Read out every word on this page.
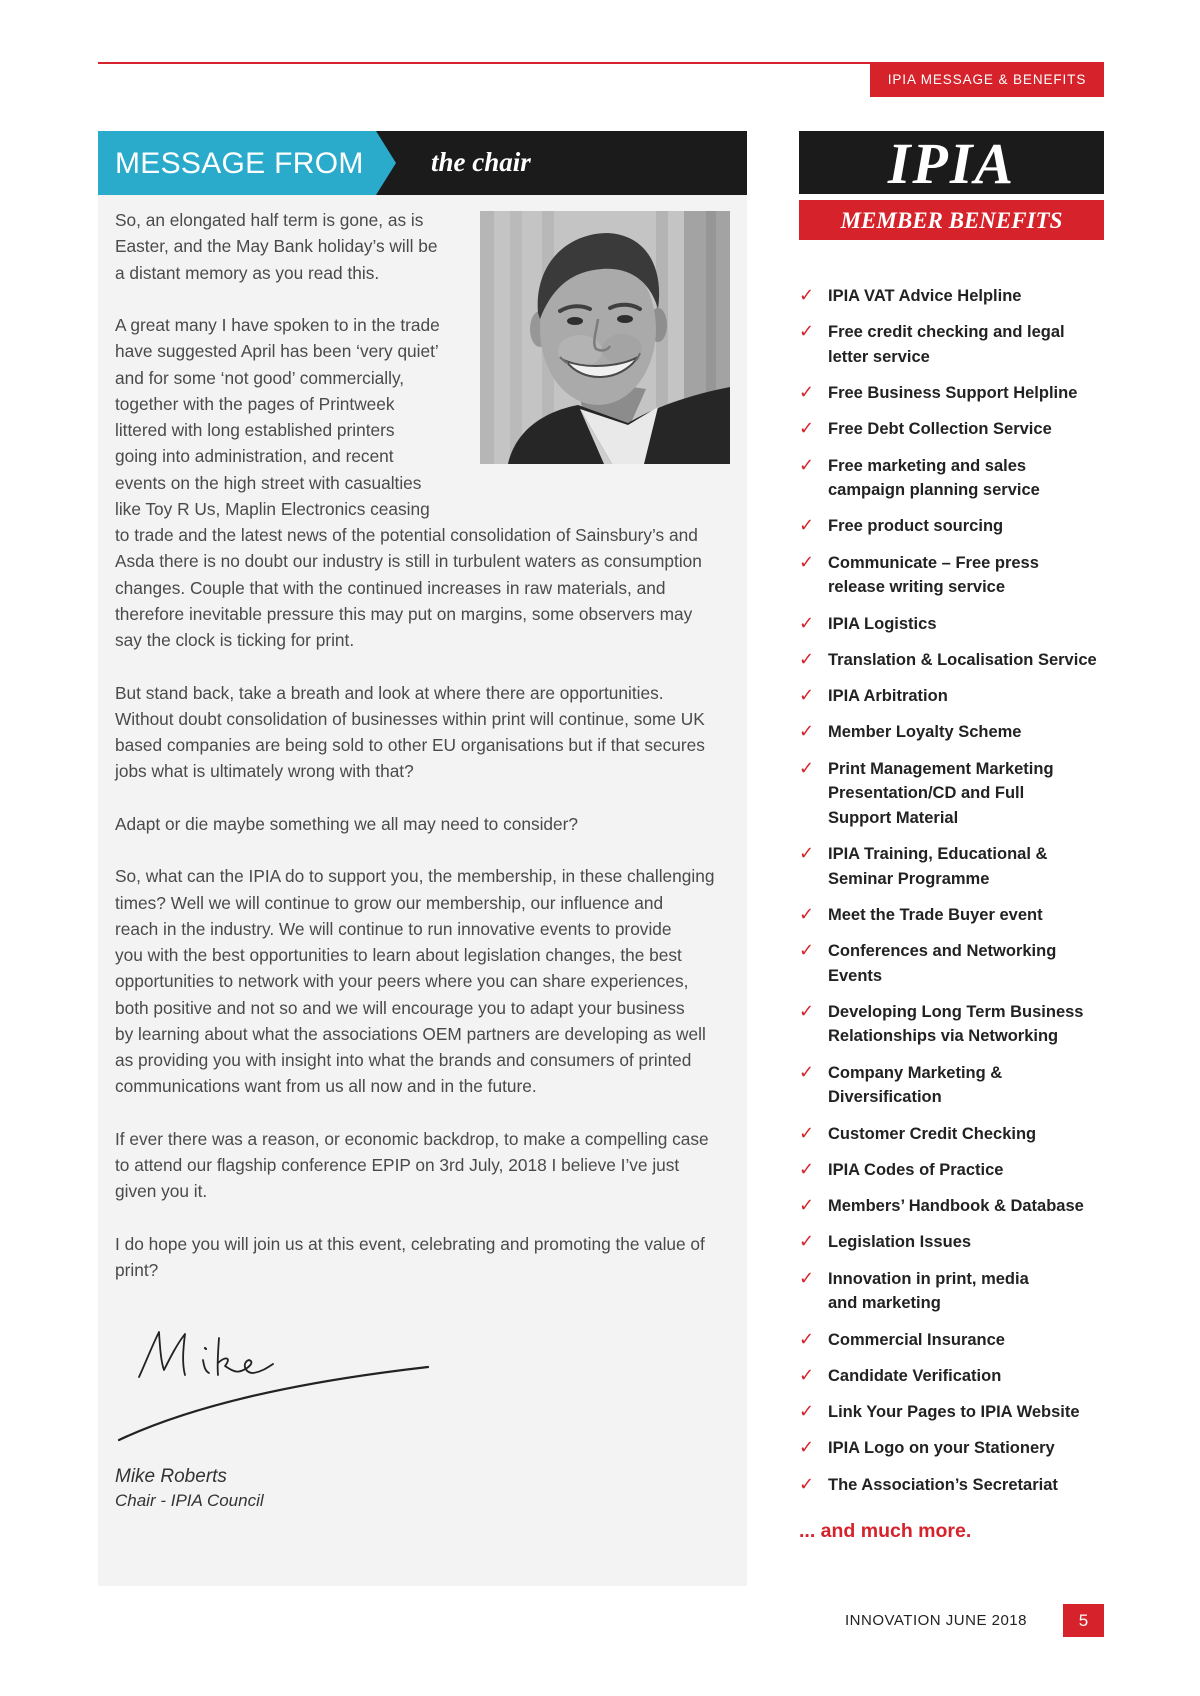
IPIA MESSAGE & BENEFITS
MESSAGE FROM the chair
So, an elongated half term is gone, as is
Easter, and the May Bank holiday’s will be
a distant memory as you read this.
A great many I have spoken to in the trade
have suggested April has been ‘very quiet’
and for some ‘not good’ commercially,
together with the pages of Printweek
littered with long established printers
going into administration, and recent
events on the high street with casualties
like Toy R Us, Maplin Electronics ceasing
to trade and the latest news of the potential consolidation of Sainsbury’s and
Asda there is no doubt our industry is still in turbulent waters as consumption
changes. Couple that with the continued increases in raw materials, and
therefore inevitable pressure this may put on margins, some observers may
say the clock is ticking for print.
But stand back, take a breath and look at where there are opportunities.
Without doubt consolidation of businesses within print will continue, some UK
based companies are being sold to other EU organisations but if that secures
jobs what is ultimately wrong with that?
Adapt or die maybe something we all may need to consider?
So, what can the IPIA do to support you, the membership, in these challenging
times? Well we will continue to grow our membership, our influence and
reach in the industry. We will continue to run innovative events to provide
you with the best opportunities to learn about legislation changes, the best
opportunities to network with your peers where you can share experiences,
both positive and not so and we will encourage you to adapt your business
by learning about what the associations OEM partners are developing as well
as providing you with insight into what the brands and consumers of printed
communications want from us all now and in the future.
If ever there was a reason, or economic backdrop, to make a compelling case
to attend our flagship conference EPIP on 3rd July, 2018 I believe I’ve just
given you it.
I do hope you will join us at this event, celebrating and promoting the value of
print?
Mike Roberts
Chair - IPIA Council
IPIA
MEMBER BENEFITS
✓ IPIA VAT Advice Helpline
✓ Free credit checking and legal
letter service
✓ Free Business Support Helpline
✓ Free Debt Collection Service
✓ Free marketing and sales
campaign planning service
✓ Free product sourcing
✓ Communicate – Free press
release writing service
✓ IPIA Logistics
✓ Translation & Localisation Service
✓ IPIA Arbitration
✓ Member Loyalty Scheme
✓ Print Management Marketing
Presentation/CD and Full
Support Material
✓ IPIA Training, Educational &
Seminar Programme
✓ Meet the Trade Buyer event
✓ Conferences and Networking
Events
✓ Developing Long Term Business
Relationships via Networking
✓ Company Marketing &
Diversification
✓ Customer Credit Checking
✓ IPIA Codes of Practice
✓ Members’ Handbook & Database
✓ Legislation Issues
✓ Innovation in print, media
and marketing
✓ Commercial Insurance
✓ Candidate Verification
✓ Link Your Pages to IPIA Website
✓ IPIA Logo on your Stationery
✓ The Association’s Secretariat
... and much more.
INNOVATION JUNE 2018	5
